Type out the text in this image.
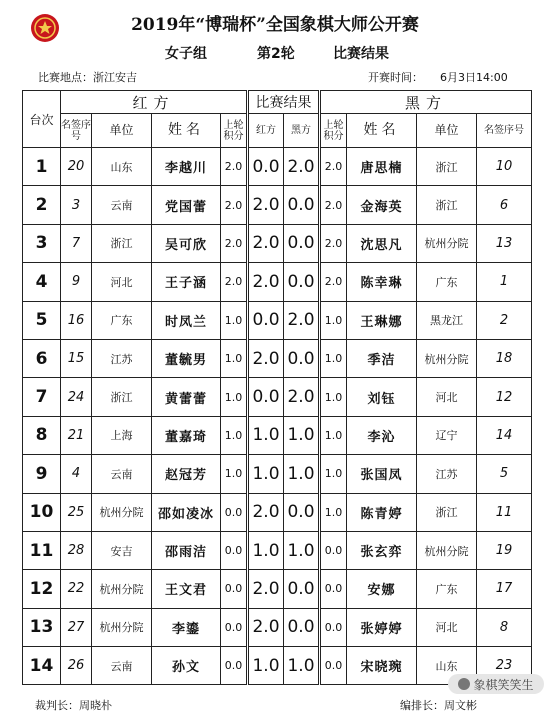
2019年“博瑞杯”全国象棋大师公开赛
女子组	第2轮	比赛结果
比赛地点：浙江安吉	开赛时间： 6月3日14:00
台次	红方				比赛结果		黑方			
	名签序号	单位	姓名	上轮积分	红方	黑方	上轮积分	姓名	单位	名签序号
1	20	山东	李越川	2.0	0.0	2.0	2.0	唐思楠	浙江	10
2	3	云南	党国蕾	2.0	2.0	0.0	2.0	金海英	浙江	6
3	7	浙江	吴可欣	2.0	2.0	0.0	2.0	沈思凡	杭州分院	13
4	9	河北	王子涵	2.0	2.0	0.0	2.0	陈幸琳	广东	1
5	16	广东	时凤兰	1.0	0.0	2.0	1.0	王琳娜	黑龙江	2
6	15	江苏	董毓男	1.0	2.0	0.0	1.0	季洁	杭州分院	18
7	24	浙江	黄蕾蕾	1.0	0.0	2.0	1.0	刘钰	河北	12
8	21	上海	董嘉琦	1.0	1.0	1.0	1.0	李沁	辽宁	14
9	4	云南	赵冠芳	1.0	1.0	1.0	1.0	张国凤	江苏	5
10	25	杭州分院	邵如凌冰	0.0	2.0	0.0	1.0	陈青婷	浙江	11
11	28	安吉	邵雨洁	0.0	1.0	1.0	0.0	张玄弈	杭州分院	19
12	22	杭州分院	王文君	0.0	2.0	0.0	0.0	安娜	广东	17
13	27	杭州分院	李鎏	0.0	2.0	0.0	0.0	张婷婷	河北	8
14	26	云南	孙文	0.0	1.0	1.0	0.0	宋晓琬	山东	23
象棋笑笑生
裁判长：周晓朴	编排长：周文彬
